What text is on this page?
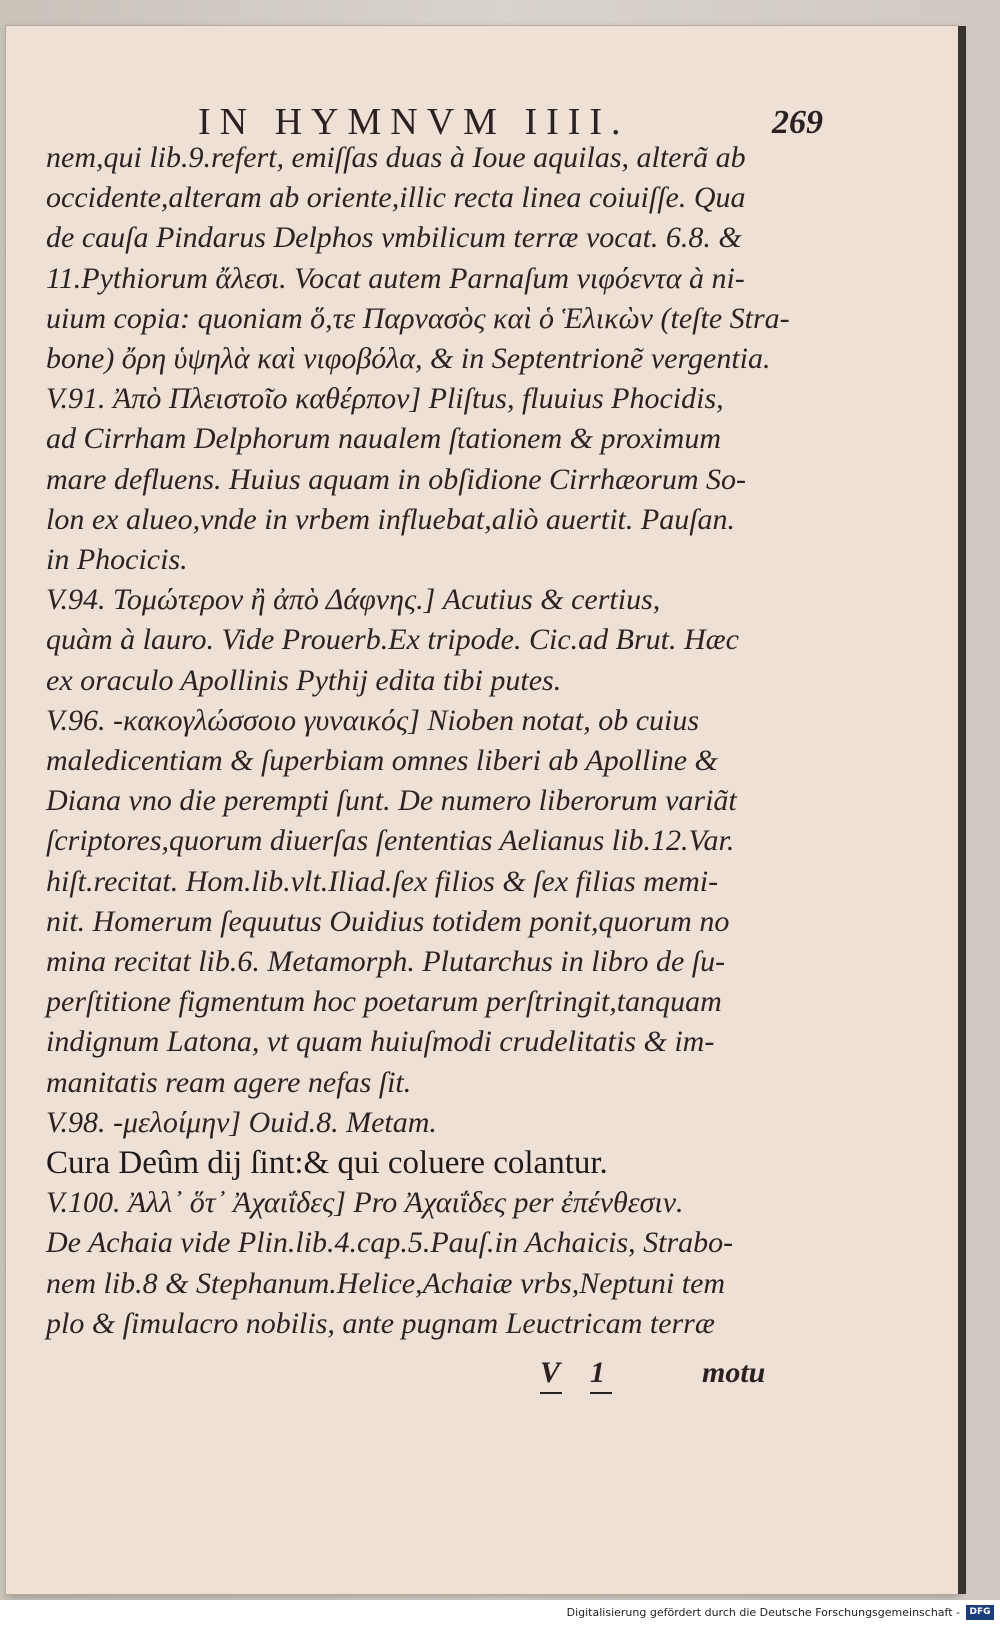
IN HYMNVM IIII.	269
nem,qui lib.9.refert, emiſſas duas à Ioue aquilas, alterã ab
occidente,alteram ab oriente,illic recta linea coiuiſſe. Qua
de cauſa Pindarus Delphos vmbilicum terræ vocat. 6.8. &
11.Pythiorum ἄλεσι. Vocat autem Parnaſum νιφόεντα à ni-
uium copia: quoniam ὅ,τε Παρνασὸς καὶ ὁ Ἑλικὼν (teſte Stra-
bone) ὄρη ὑψηλὰ καὶ νιφοβόλα, & in Septentrionẽ vergentia.
V.91. Ἀπὸ Πλειστοῖο καθέρπον] Pliſtus, fluuius Phocidis,
ad Cirrham Delphorum naualem ſtationem & proximum
mare defluens. Huius aquam in obſidione Cirrhæorum So-
lon ex alueo,vnde in vrbem influebat,aliò auertit. Pauſan.
in Phocicis.
V.94. Τομώτερον ἢ ἀπὸ Δάφνης.] Acutius & certius,
quàm à lauro. Vide Prouerb.Ex tripode. Cic.ad Brut. Hæc
ex oraculo Apollinis Pythij edita tibi putes.
V.96. -κακογλώσσοιο γυναικός] Nioben notat, ob cuius
maledicentiam & ſuperbiam omnes liberi ab Apolline &
Diana vno die perempti ſunt. De numero liberorum variãt
ſcriptores,quorum diuerſas ſententias Aelianus lib.12.Var.
hiſt.recitat. Hom.lib.vlt.Iliad.ſex filios & ſex filias memi-
nit. Homerum ſequutus Ouidius totidem ponit,quorum no
mina recitat lib.6. Metamorph. Plutarchus in libro de ſu-
perſtitione figmentum hoc poetarum perſtringit,tanquam
indignum Latona, vt quam huiuſmodi crudelitatis & im-
manitatis ream agere nefas ſit.
V.98. -μελοίμην] Ouid.8. Metam.
Cura Deûm dij ſint:& qui coluere colantur.
V.100. Ἀλλ᾽ ὅτ᾽ Ἀχαιΐδες] Pro Ἀχαιΐδες per ἐπένθεσιν.
De Achaia vide Plin.lib.4.cap.5.Pauſ.in Achaicis, Strabo-
nem lib.8 & Stephanum.Helice,Achaiæ vrbs,Neptuni tem
plo & ſimulacro nobilis, ante pugnam Leuctricam terræ
V 1	motu
Digitalisierung gefördert durch die Deutsche Forschungsgemeinschaft -	DFG
